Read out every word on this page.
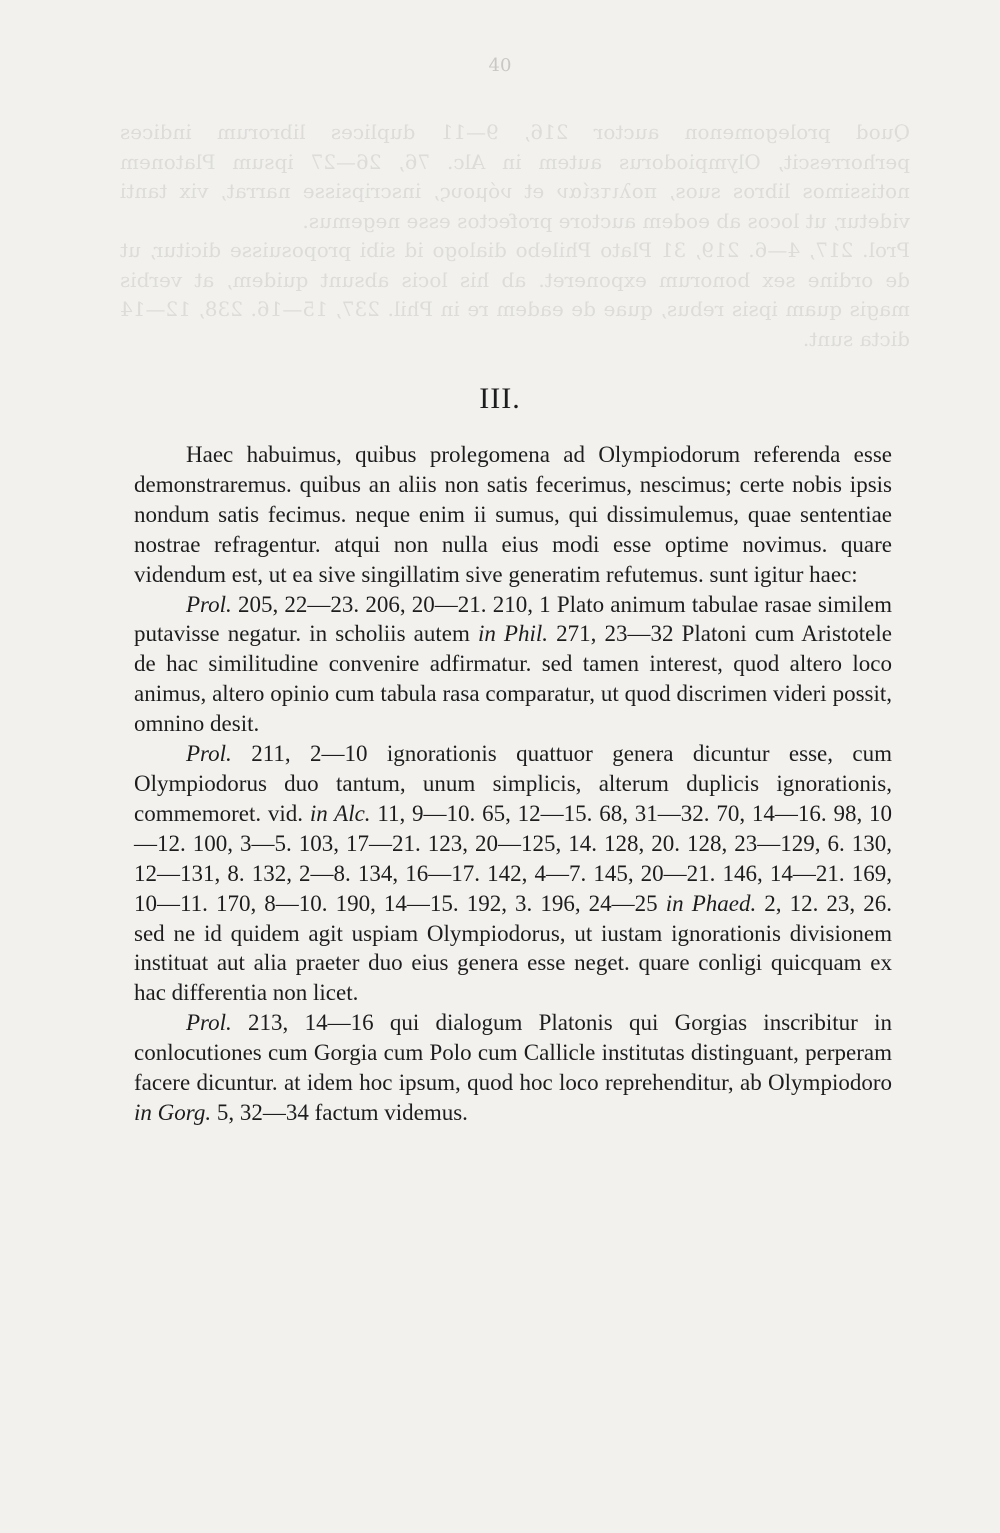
40

Quod prolegomenon auctor 216, 9—11 duplices librorum indices perhorrescit, Olympiodorus autem in Alc. 76, 26—27 ipsum Platonem notissimos libros suos, πολιτείαν et νόμους, inscripsisse narrat, vix tanti videtur, ut locos ab eodem auctore profectos esse negemus.

Prol. 217, 4—6. 219, 31 Plato Philebo dialogo id sibi proposuisse dicitur, ut de ordine sex bonorum exponeret. ab his locis absunt quidem, at verbis magis quam ipsis rebus, quae de eadem re in Phil. 237, 15—16. 238, 12—14 dicta sunt.

III.

Haec habuimus, quibus prolegomena ad Olympiodorum referenda esse demonstraremus. quibus an aliis non satis fecerimus, nescimus; certe nobis ipsis nondum satis fecimus. neque enim ii sumus, qui dissimulemus, quae sententiae nostrae refragentur. atqui non nulla eius modi esse optime novimus. quare videndum est, ut ea sive singillatim sive generatim refutemus. sunt igitur haec:

Prol. 205, 22—23. 206, 20—21. 210, 1 Plato animum tabulae rasae similem putavisse negatur. in scholiis autem in Phil. 271, 23—32 Platoni cum Aristotele de hac similitudine convenire adfirmatur. sed tamen interest, quod altero loco animus, altero opinio cum tabula rasa comparatur, ut quod discrimen videri possit, omnino desit.

Prol. 211, 2—10 ignorationis quattuor genera dicuntur esse, cum Olympiodorus duo tantum, unum simplicis, alterum duplicis ignorationis, commemoret. vid. in Alc. 11, 9—10. 65, 12—15. 68, 31—32. 70, 14—16. 98, 10—12. 100, 3—5. 103, 17—21. 123, 20—125, 14. 128, 20. 128, 23—129, 6. 130, 12—131, 8. 132, 2—8. 134, 16—17. 142, 4—7. 145, 20—21. 146, 14—21. 169, 10—11. 170, 8—10. 190, 14—15. 192, 3. 196, 24—25 in Phaed. 2, 12. 23, 26. sed ne id quidem agit uspiam Olympiodorus, ut iustam ignorationis divisionem instituat aut alia praeter duo eius genera esse neget. quare conligi quicquam ex hac differentia non licet.

Prol. 213, 14—16 qui dialogum Platonis qui Gorgias inscribitur in conlocutiones cum Gorgia cum Polo cum Callicle institutas distinguant, perperam facere dicuntur. at idem hoc ipsum, quod hoc loco reprehenditur, ab Olympiodoro in Gorg. 5, 32—34 factum videmus.
